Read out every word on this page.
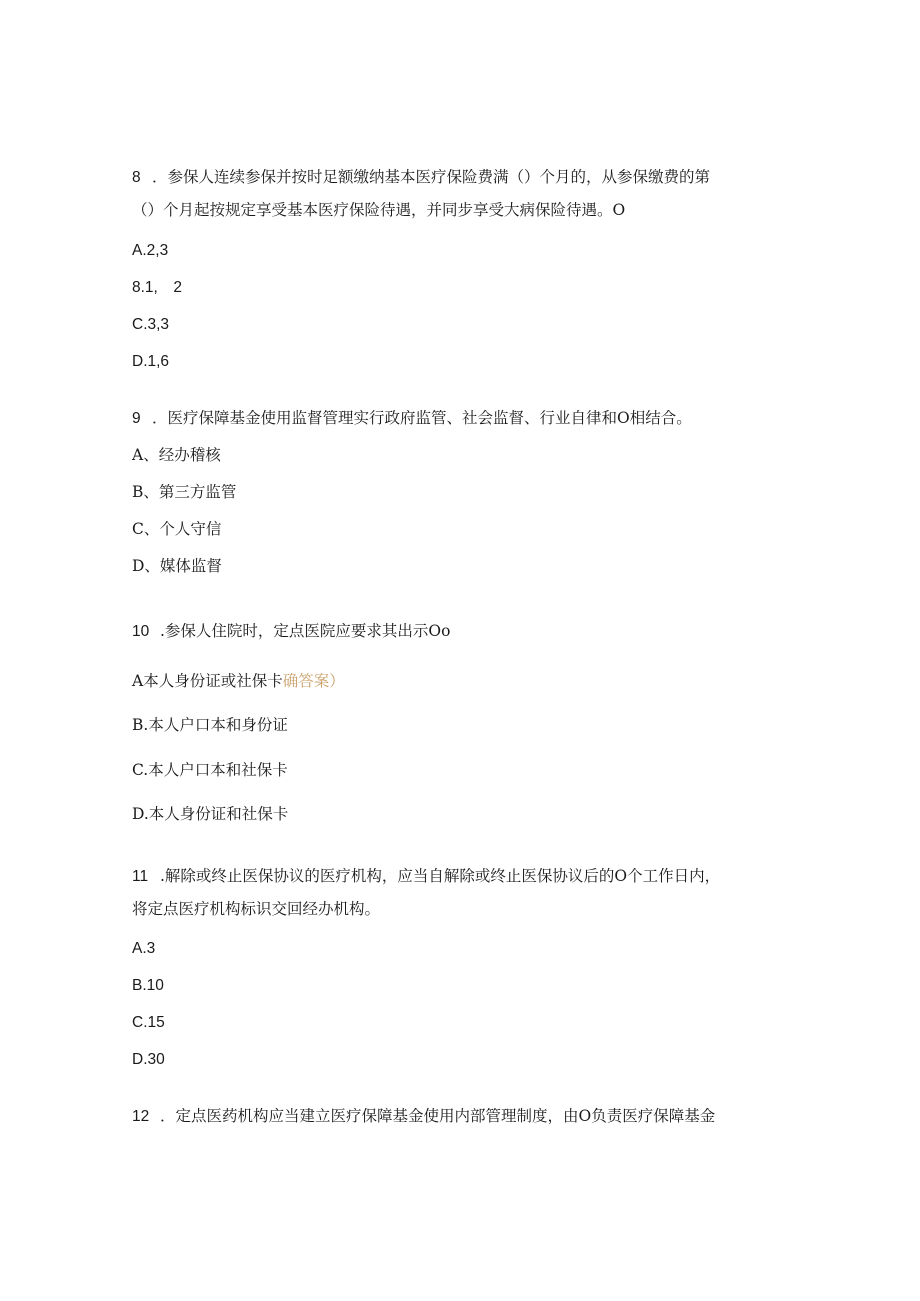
8 ．参保人连续参保并按时足额缴纳基本医疗保险费满（）个月的，从参保缴费的第
（）个月起按规定享受基本医疗保险待遇，并同步享受大病保险待遇。O
A.2,3
8.1,　2
C.3,3
D.1,6
9 ．医疗保障基金使用监督管理实行政府监管、社会监督、行业自律和O相结合。
A、经办稽核
B、第三方监管
C、个人守信
D、媒体监督
10 .参保人住院时，定点医院应要求其出示Oo
A本人身份证或社保卡确答案）
B.本人户口本和身份证
C.本人户口本和社保卡
D.本人身份证和社保卡
11 .解除或终止医保协议的医疗机构，应当自解除或终止医保协议后的O个工作日内，
将定点医疗机构标识交回经办机构。
A.3
B.10
C.15
D.30
12 ．定点医药机构应当建立医疗保障基金使用内部管理制度，由O负责医疗保障基金
